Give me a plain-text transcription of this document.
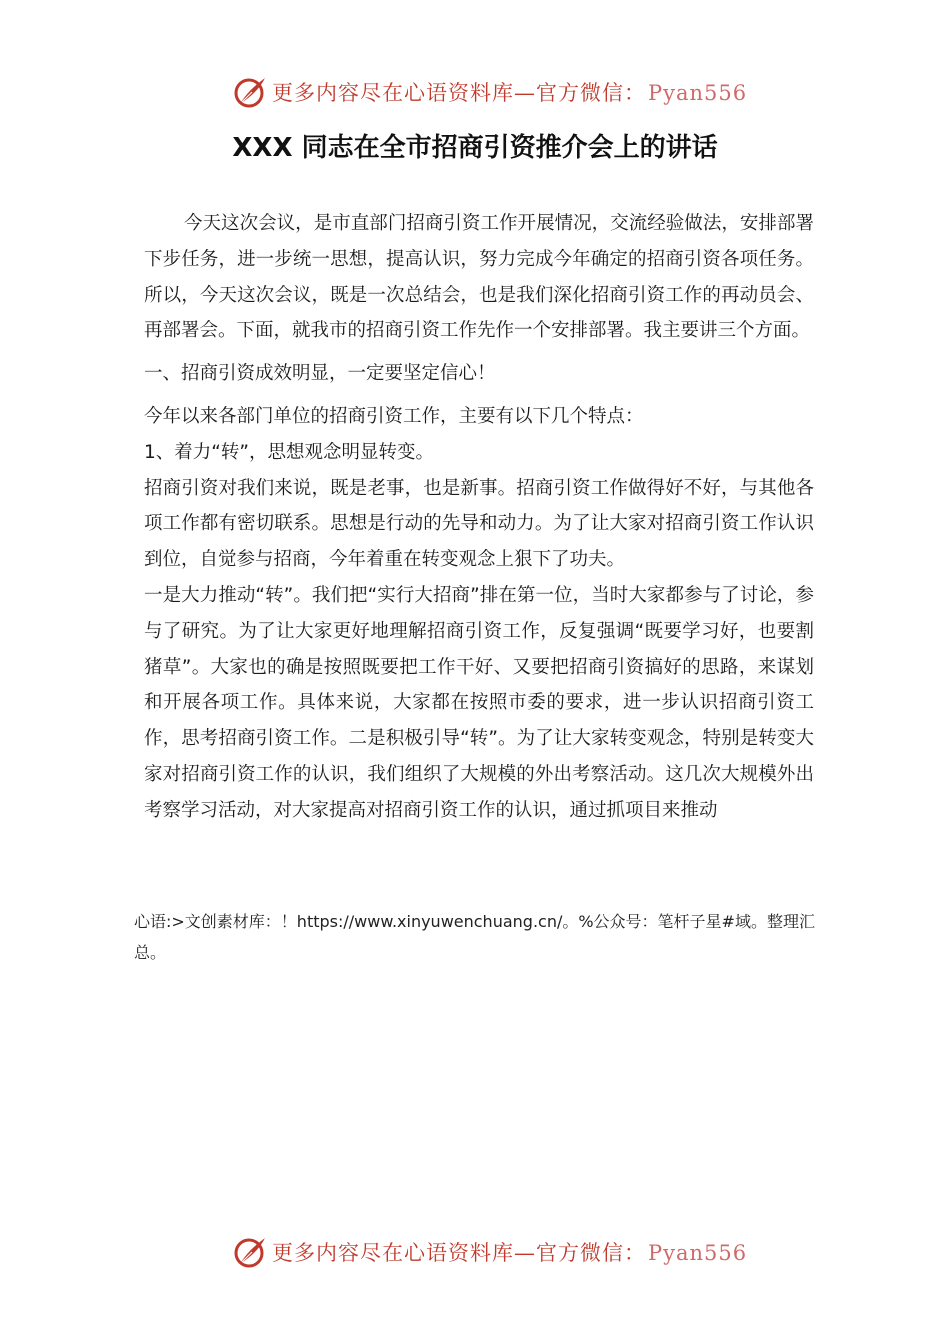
更多内容尽在心语资料库—官方微信：Pyan556
XXX 同志在全市招商引资推介会上的讲话

今天这次会议，是市直部门招商引资工作开展情况，交流经验做法，安排部署下步任务，进一步统一思想，提高认识，努力完成今年确定的招商引资各项任务。所以，今天这次会议，既是一次总结会，也是我们深化招商引资工作的再动员会、再部署会。下面，就我市的招商引资工作先作一个安排部署。我主要讲三个方面。

一、招商引资成效明显，一定要坚定信心！

今年以来各部门单位的招商引资工作，主要有以下几个特点：

1、着力“转”，思想观念明显转变。

招商引资对我们来说，既是老事，也是新事。招商引资工作做得好不好，与其他各项工作都有密切联系。思想是行动的先导和动力。为了让大家对招商引资工作认识到位，自觉参与招商，今年着重在转变观念上狠下了功夫。

一是大力推动“转”。我们把“实行大招商”排在第一位，当时大家都参与了讨论，参与了研究。为了让大家更好地理解招商引资工作，反复强调“既要学习好，也要割猪草”。大家也的确是按照既要把工作干好、又要把招商引资搞好的思路，来谋划和开展各项工作。具体来说，大家都在按照市委的要求，进一步认识招商引资工作，思考招商引资工作。二是积极引导“转”。为了让大家转变观念，特别是转变大家对招商引资工作的认识，我们组织了大规模的外出考察活动。这几次大规模外出考察学习活动，对大家提高对招商引资工作的认识，通过抓项目来推动

心语:>文创素材库：！https://www.xinyuwenchuang.cn/。%公众号：笔杆子星#域。整理汇总。
更多内容尽在心语资料库—官方微信：Pyan556
